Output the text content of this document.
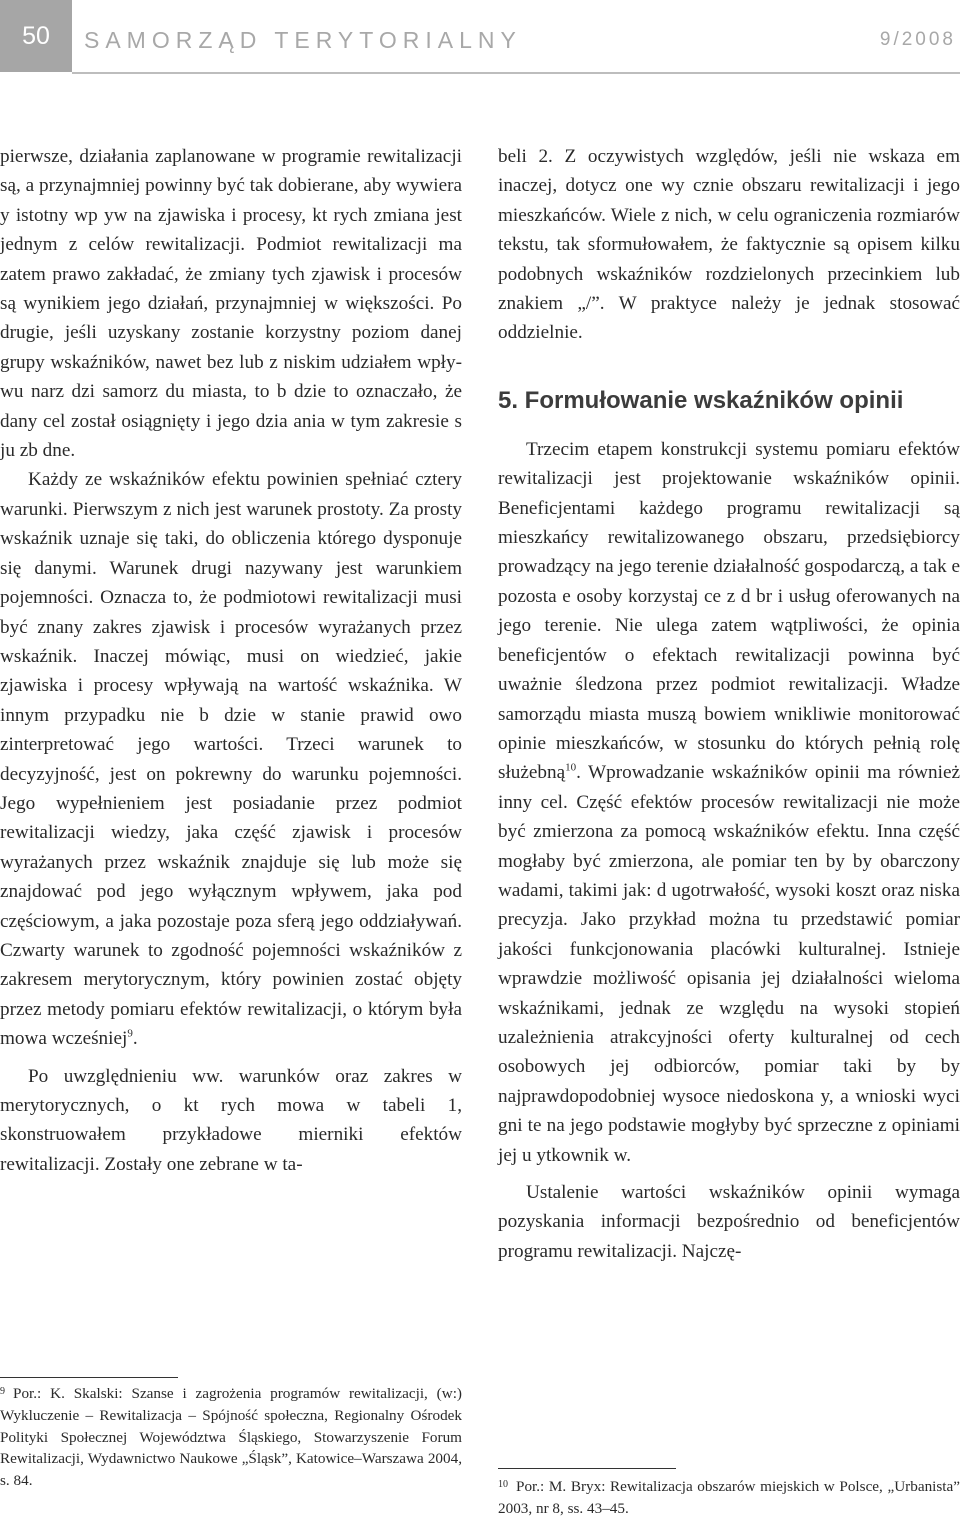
50	SAMORZĄD TERYTORIALNY	9/2008

pierwsze, działania zaplanowane w programie rewitalizacji są, a przynajmniej powinny być tak dobierane, aby wywiera y istotny wp yw na zjawiska i procesy, kt rych zmiana jest jednym z celów rewitalizacji. Podmiot rewitalizacji ma zatem prawo zakładać, że zmiany tych zjawisk i procesów są wynikiem jego działań, przynajmniej w większości. Po drugie, jeśli uzyskany zostanie korzystny poziom danej grupy wskaźników, nawet bez lub z niskim udziałem wpływu narz dzi samorz du miasta, to b dzie to oznaczało, że dany cel został osiągnięty i jego dzia ania w tym zakresie s ju zb dne.

Każdy ze wskaźników efektu powinien spełniać cztery warunki. Pierwszym z nich jest warunek prostoty. Za prosty wskaźnik uznaje się taki, do obliczenia którego dysponuje się danymi. Warunek drugi nazywany jest warunkiem pojemności. Oznacza to, że podmiotowi rewitalizacji musi być znany zakres zjawisk i procesów wyrażanych przez wskaźnik. Inaczej mówiąc, musi on wiedzieć, jakie zjawiska i procesy wpływają na wartość wskaźnika. W innym przypadku nie b dzie w stanie prawid owo zinterpretować jego wartości. Trzeci warunek to decyzyjność, jest on pokrewny do warunku pojemności. Jego wypełnieniem jest posiadanie przez podmiot rewitalizacji wiedzy, jaka część zjawisk i procesów wyrażanych przez wskaźnik znajduje się lub może się znajdować pod jego wyłącznym wpływem, jaka pod częściowym, a jaka pozostaje poza sferą jego oddziaływań. Czwarty warunek to zgodność pojemności wskaźników z zakresem merytorycznym, który powinien zostać objęty przez metody pomiaru efektów rewitalizacji, o którym była mowa wcześniej$^9$.

Po uwzględnieniu ww. warunków oraz zakres w merytorycznych, o kt rych mowa w tabeli 1, skonstruowałem przykładowe mierniki efektów rewitalizacji. Zostały one zebrane w ta-

$^9$ Por.: K. Skalski: Szanse i zagrożenia programów rewitalizacji, (w:) Wykluczenie – Rewitalizacja – Spójność społeczna, Regionalny Ośrodek Polityki Społecznej Województwa Śląskiego, Stowarzyszenie Forum Rewitalizacji, Wydawnictwo Naukowe „Śląsk”, Katowice–Warszawa 2004, s. 84.

beli 2. Z oczywistych względów, jeśli nie wskaza em inaczej, dotycz one wy cznie obszaru rewitalizacji i jego mieszkańców. Wiele z nich, w celu ograniczenia rozmiarów tekstu, tak sformułowałem, że faktycznie są opisem kilku podobnych wskaźników rozdzielonych przecinkiem lub znakiem „/”. W praktyce należy je jednak stosować oddzielnie.

5. Formułowanie wskaźników opinii

Trzecim etapem konstrukcji systemu pomiaru efektów rewitalizacji jest projektowanie wskaźników opinii. Beneficjentami każdego programu rewitalizacji są mieszkańcy rewitalizowanego obszaru, przedsiębiorcy prowadzący na jego terenie działalność gospodarczą, a tak e pozosta e osoby korzystaj ce z d br i usług oferowanych na jego terenie. Nie ulega zatem wątpliwości, że opinia beneficjentów o efektach rewitalizacji powinna być uważnie śledzona przez podmiot rewitalizacji. Władze samorządu miasta muszą bowiem wnikliwie monitorować opinie mieszkańców, w stosunku do których pełnią rolę służebną$^{10}$. Wprowadzanie wskaźników opinii ma również inny cel. Część efektów procesów rewitalizacji nie może być zmierzona za pomocą wskaźników efektu. Inna część mogłaby być zmierzona, ale pomiar ten by by obarczony wadami, takimi jak: d ugotrwałość, wysoki koszt oraz niska precyzja. Jako przykład można tu przedstawić pomiar jakości funkcjonowania placówki kulturalnej. Istnieje wprawdzie możliwość opisania jej działalności wieloma wskaźnikami, jednak ze względu na wysoki stopień uzależnienia atrakcyjności oferty kulturalnej od cech osobowych jej odbiorców, pomiar taki by by najprawdopodobniej wysoce niedoskona y, a wnioski wyci gni te na jego podstawie mogłyby być sprzeczne z opiniami jej u ytkownik w.

Ustalenie wartości wskaźników opinii wymaga pozyskania informacji bezpośrednio od beneficjentów programu rewitalizacji. Najczę-

$^{10}$ Por.: M. Bryx: Rewitalizacja obszarów miejskich w Polsce, „Urbanista” 2003, nr 8, ss. 43–45.
